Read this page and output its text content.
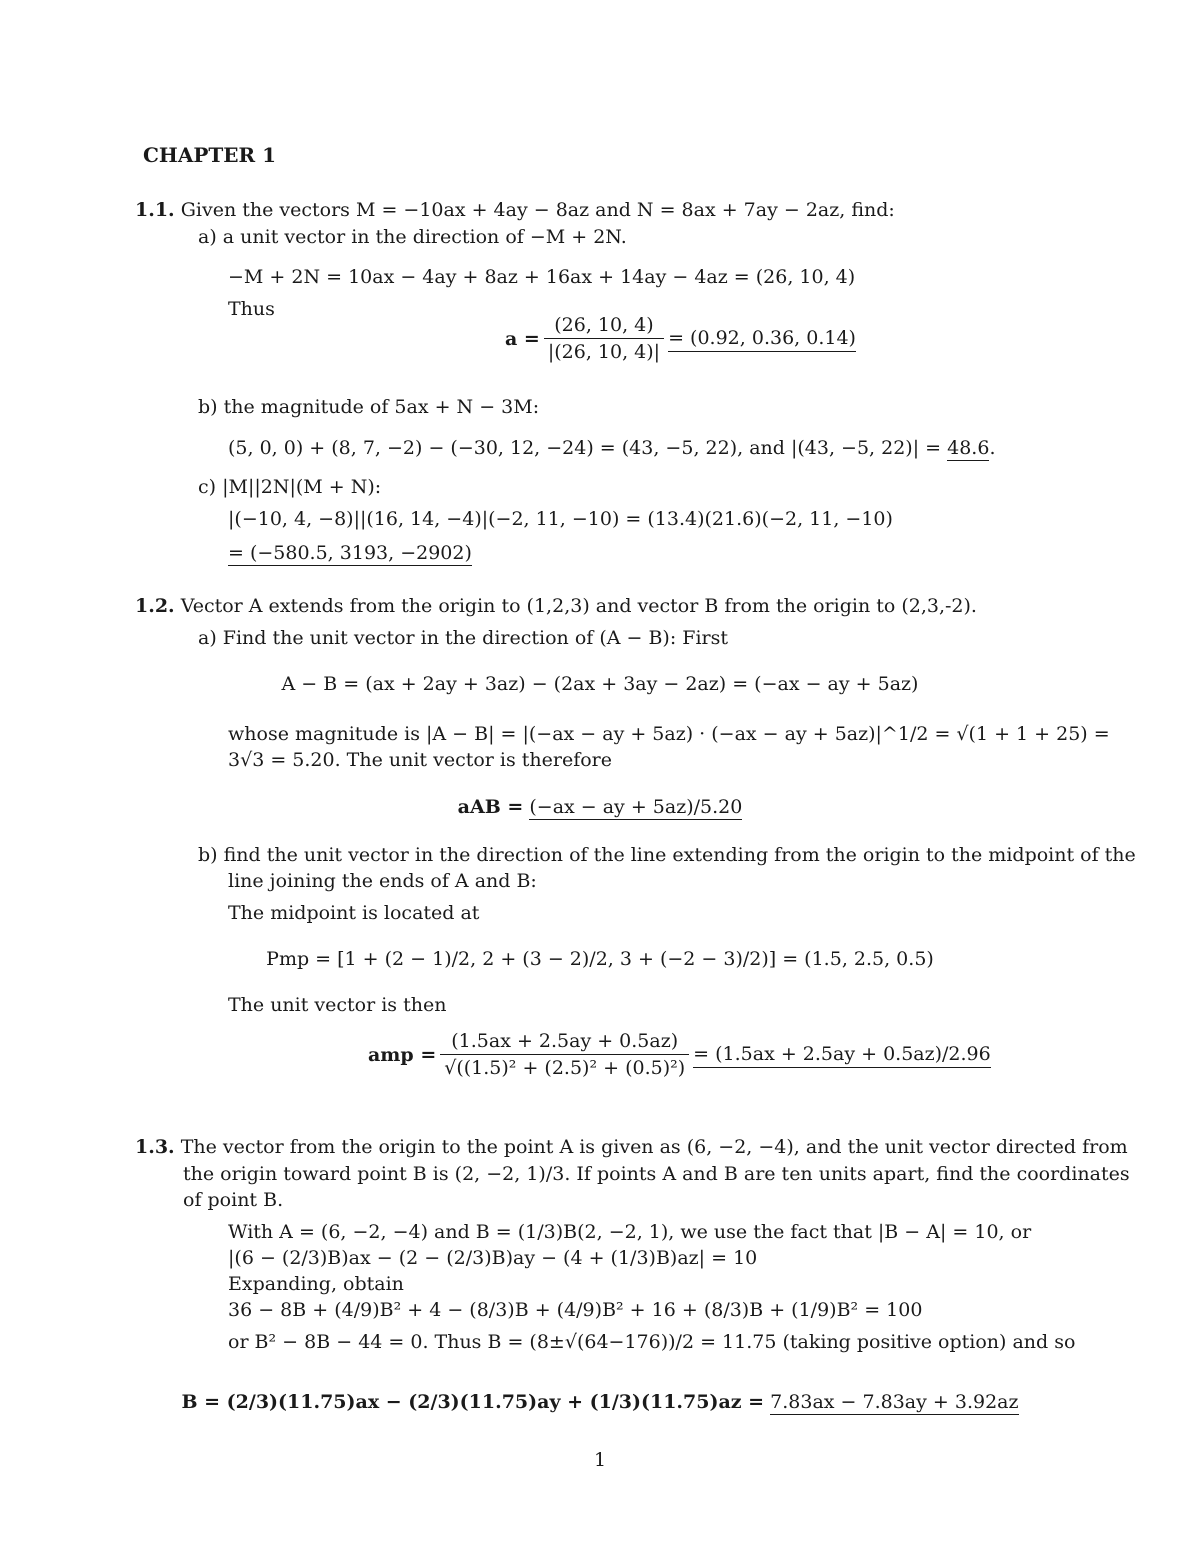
CHAPTER 1
1.1. Given the vectors M = −10ax + 4ay − 8az and N = 8ax + 7ay − 2az, find:
a) a unit vector in the direction of −M + 2N.
−M + 2N = 10ax − 4ay + 8az + 16ax + 14ay − 4az = (26, 10, 4)
Thus
$a = \frac{(26, 10, 4)}{|(26, 10, 4)|} = (0.92$, 0.36, 0.14)
b) the magnitude of 5ax + N − 3M:
(5, 0, 0) + (8, 7, −2) − (−30, 12, −24) = (43, −5, 22), and |(43, −5, 22)| = 48.6.
c) |M||2N|(M + N):
|(−10, 4, −8)||(16, 14, −4)|(−2, 11, −10) = (13.4)(21.6)(−2, 11, −10)
= (−580.5, 3193, −2902)
1.2. Vector A extends from the origin to (1,2,3) and vector B from the origin to (2,3,-2).
a) Find the unit vector in the direction of (A − B): First
A − B = (ax + 2ay + 3az) − (2ax + 3ay − 2az) = (−ax − ay + 5az)
whose magnitude is |A − B| = |(−ax − ay + 5az) · (−ax − ay + 5az)|^1/2 = √(1 + 1 + 25) =
3√3 = 5.20. The unit vector is therefore
aAB = (−ax − ay + 5az)/5.20
b) find the unit vector in the direction of the line extending from the origin to the midpoint of the
line joining the ends of A and B:
The midpoint is located at
Pmp = [1 + (2 − 1)/2, 2 + (3 − 2)/2, 3 + (−2 − 3)/2)] = (1.5, 2.5, 0.5)
The unit vector is then
amp = $\frac{(1.5ax + 2.5ay + 0.5az)}{\text{√((1.5)² + (2.5)² + (0.5)²)}} = (1.5ax + 2.5ay + 0.5az)/2.96$
1.3. The vector from the origin to the point A is given as (6, −2, −4), and the unit vector directed from
the origin toward point B is (2, −2, 1)/3. If points A and B are ten units apart, find the coordinates
of point B.
With A = (6, −2, −4) and B = (1/3)B(2, −2, 1), we use the fact that |B − A| = 10, or
|(6 − (2/3)B)ax − (2 − (2/3)B)ay − (4 + (1/3)B)az| = 10
Expanding, obtain
36 − 8B + (4/9)B² + 4 − (8/3)B + (4/9)B² + 16 + (8/3)B + (1/9)B² = 100
or B² − 8B − 44 = 0. Thus B = (8±√(64−176))/2 = 11.75 (taking positive option) and so
B = (2/3)(11.75)ax − (2/3)(11.75)ay + (1/3)(11.75)az = 7.83ax − 7.83ay + 3.92az
1
